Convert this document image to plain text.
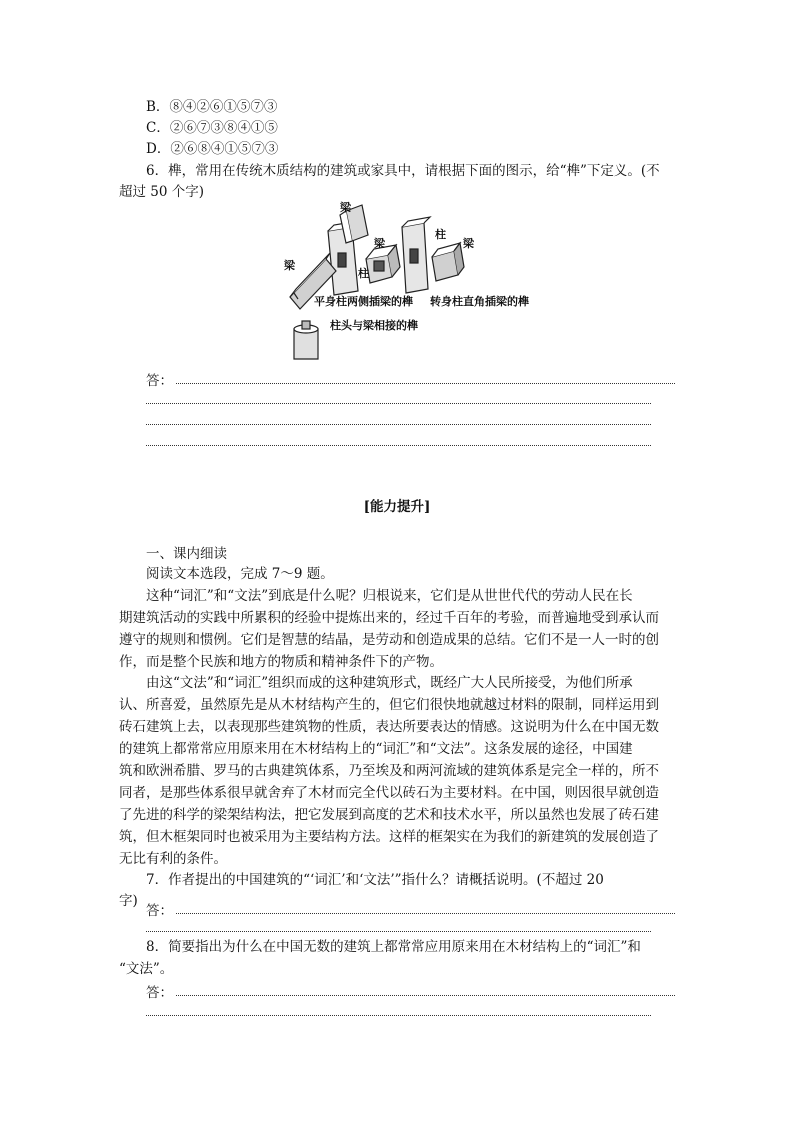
B．⑧④②⑥①⑤⑦③
C．②⑥⑦③⑧④①⑤
D．②⑥⑧④①⑤⑦③
6．榫，常用在传统木质结构的建筑或家具中，请根据下面的图示，给“榫”下定义。(不
超过 50 个字)
梁
梁
梁
梁
柱
柱
平身柱两侧插梁的榫 转身柱直角插梁的榫
柱头与梁相接的榫
答：
[能力提升]
一、课内细读
阅读文本选段，完成 7～9 题。
这种“词汇”和“文法”到底是什么呢？归根说来，它们是从世世代代的劳动人民在长
期建筑活动的实践中所累积的经验中提炼出来的，经过千百年的考验，而普遍地受到承认而
遵守的规则和惯例。它们是智慧的结晶，是劳动和创造成果的总结。它们不是一人一时的创
作，而是整个民族和地方的物质和精神条件下的产物。
由这“文法”和“词汇”组织而成的这种建筑形式，既经广大人民所接受，为他们所承
认、所喜爱，虽然原先是从木材结构产生的，但它们很快地就越过材料的限制，同样运用到
砖石建筑上去，以表现那些建筑物的性质，表达所要表达的情感。这说明为什么在中国无数
的建筑上都常常应用原来用在木材结构上的“词汇”和“文法”。这条发展的途径，中国建
筑和欧洲希腊、罗马的古典建筑体系，乃至埃及和两河流域的建筑体系是完全一样的，所不
同者，是那些体系很早就舍弃了木材而完全代以砖石为主要材料。在中国，则因很早就创造
了先进的科学的梁架结构法，把它发展到高度的艺术和技术水平，所以虽然也发展了砖石建
筑，但木框架同时也被采用为主要结构方法。这样的框架实在为我们的新建筑的发展创造了
无比有利的条件。
7．作者提出的中国建筑的“‘词汇’和‘文法’”指什么？请概括说明。(不超过 20
字)
答：
8．简要指出为什么在中国无数的建筑上都常常应用原来用在木材结构上的“词汇”和
“文法”。
答：
